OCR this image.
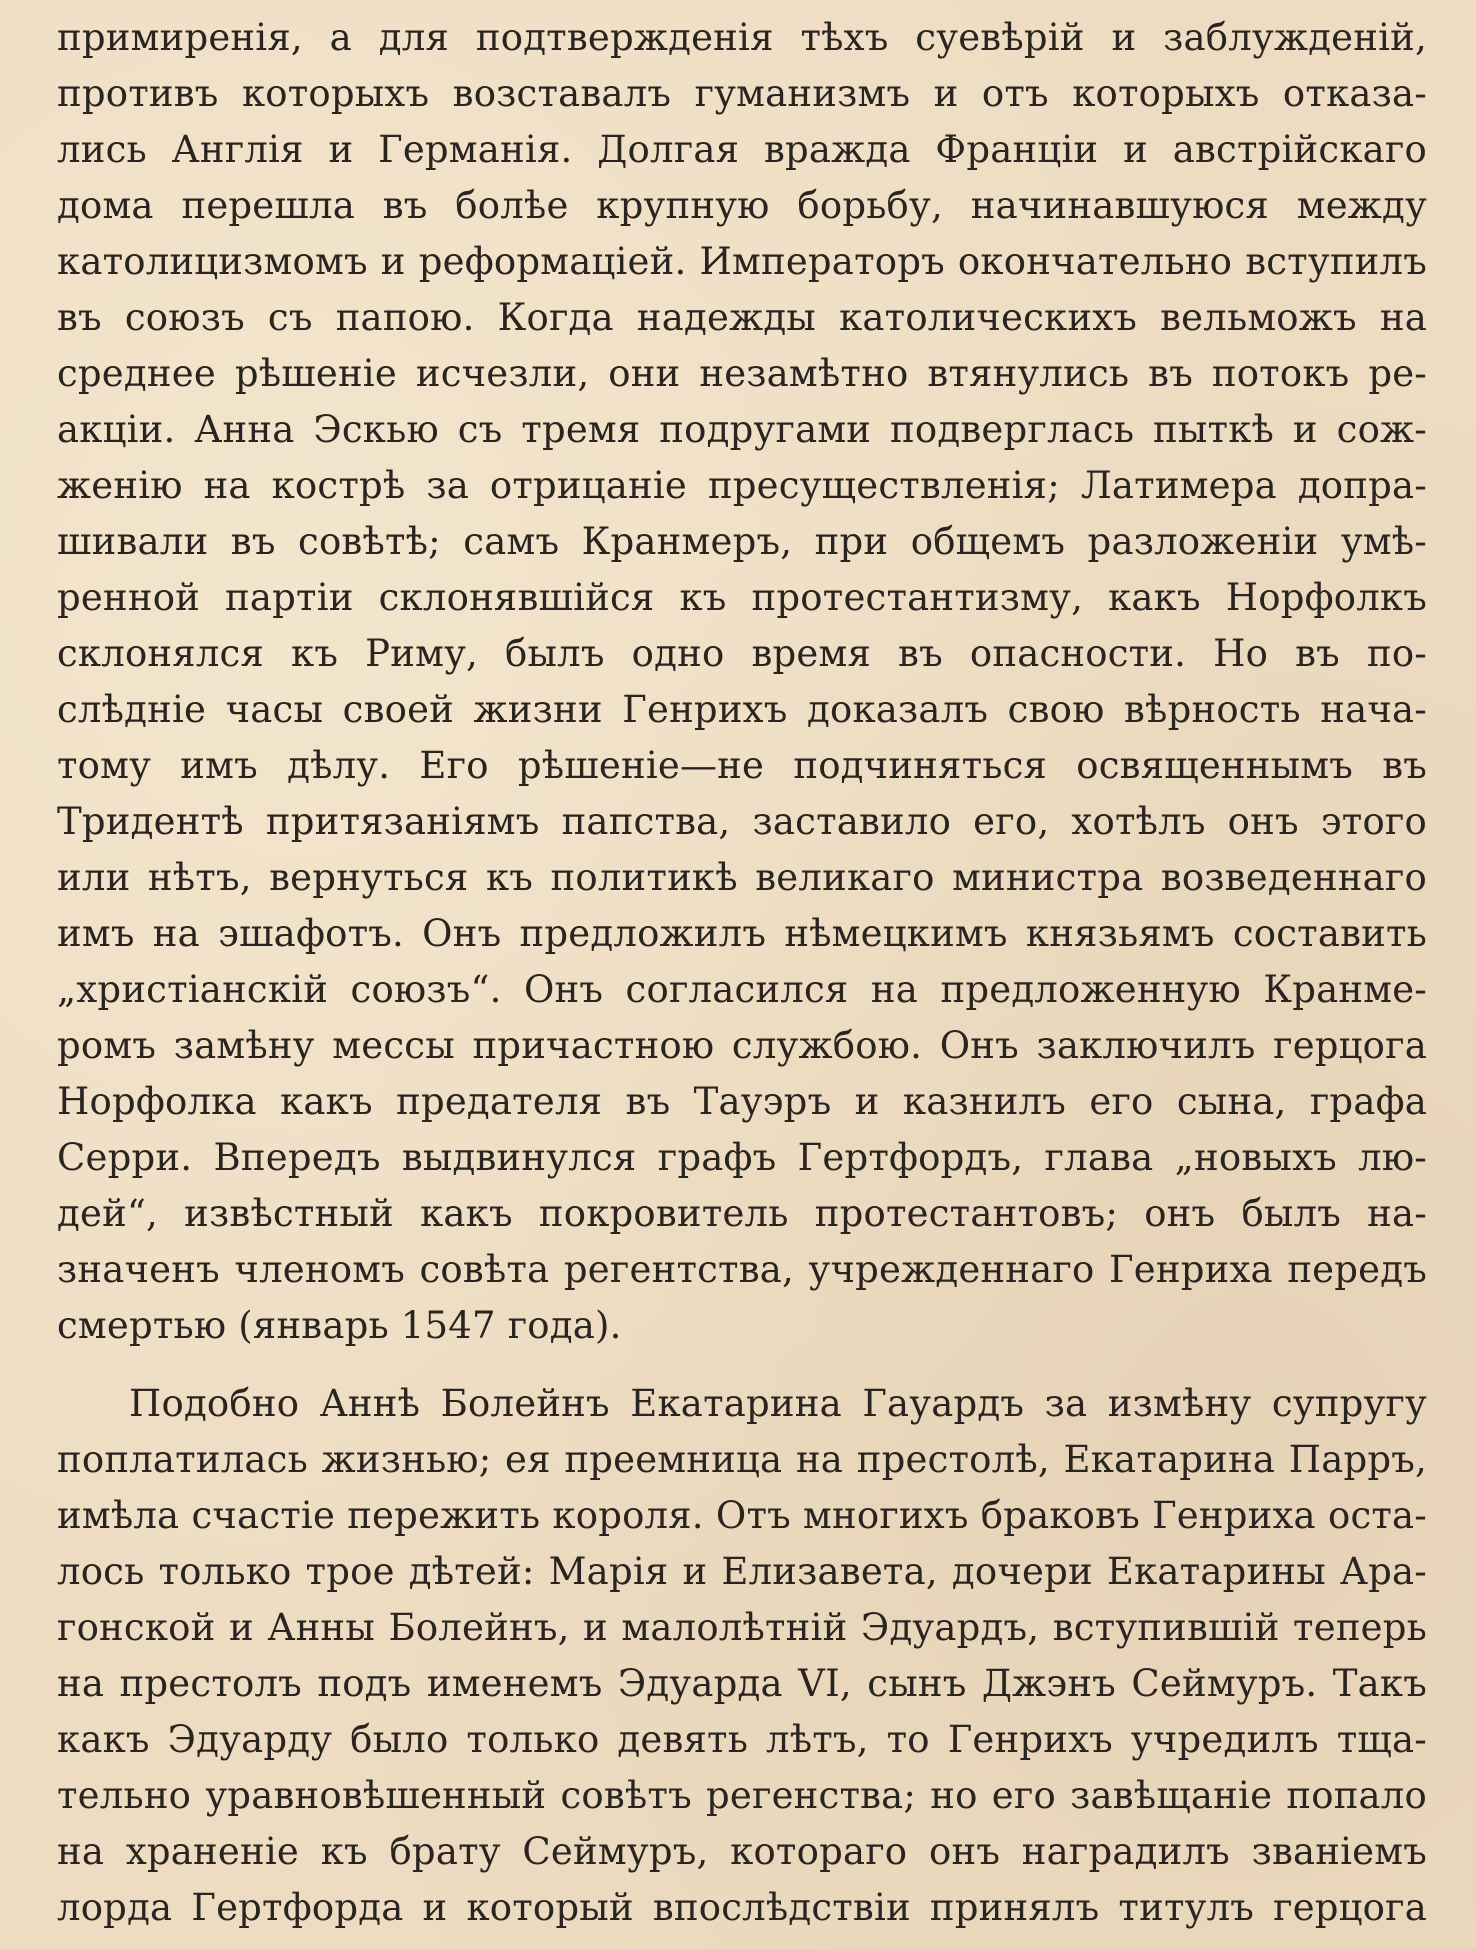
примиренія, а для подтвержденія тѣхъ суевѣрій и заблужденій,
противъ которыхъ возставалъ гуманизмъ и отъ которыхъ отказа-
лись Англія и Германія. Долгая вражда Франціи и австрійскаго
дома перешла въ болѣе крупную борьбу, начинавшуюся между
католицизмомъ и реформаціей. Императоръ окончательно вступилъ
въ союзъ съ папою. Когда надежды католическихъ вельможъ на
среднее рѣшеніе исчезли, они незамѣтно втянулись въ потокъ ре-
акціи. Анна Эскью съ тремя подругами подверглась пыткѣ и сож-
женію на кострѣ за отрицаніе пресуществленія; Латимера допра-
шивали въ совѣтѣ; самъ Кранмеръ, при общемъ разложеніи умѣ-
ренной партіи склонявшійся къ протестантизму, какъ Норфолкъ
склонялся къ Риму, былъ одно время въ опасности. Но въ по-
слѣдніе часы своей жизни Генрихъ доказалъ свою вѣрность нача-
тому имъ дѣлу. Его рѣшеніе—не подчиняться освященнымъ въ
Тридентѣ притязаніямъ папства, заставило его, хотѣлъ онъ этого
или нѣтъ, вернуться къ политикѣ великаго министра возведеннаго
имъ на эшафотъ. Онъ предложилъ нѣмецкимъ князьямъ составить
„христіанскій союзъ“. Онъ согласился на предложенную Кранме-
ромъ замѣну мессы причастною службою. Онъ заключилъ герцога
Норфолка какъ предателя въ Тауэръ и казнилъ его сына, графа
Серри. Впередъ выдвинулся графъ Гертфордъ, глава „новыхъ лю-
дей“, извѣстный какъ покровитель протестантовъ; онъ былъ на-
значенъ членомъ совѣта регентства, учрежденнаго Генриха передъ
смертью (январь 1547 года).
Подобно Аннѣ Болейнъ Екатарина Гауардъ за измѣну супругу
поплатилась жизнью; ея преемница на престолѣ, Екатарина Парръ,
имѣла счастіе пережить короля. Отъ многихъ браковъ Генриха оста-
лось только трое дѣтей: Марія и Елизавета, дочери Екатарины Ара-
гонской и Анны Болейнъ, и малолѣтній Эдуардъ, вступившій теперь
на престолъ подъ именемъ Эдуарда VI, сынъ Джэнъ Сеймуръ. Такъ
какъ Эдуарду было только девять лѣтъ, то Генрихъ учредилъ тща-
тельно уравновѣшенный совѣтъ регенства; но его завѣщаніе попало
на храненіе къ брату Сеймуръ, котораго онъ наградилъ званіемъ
лорда Гертфорда и который впослѣдствіи принялъ титулъ герцога
